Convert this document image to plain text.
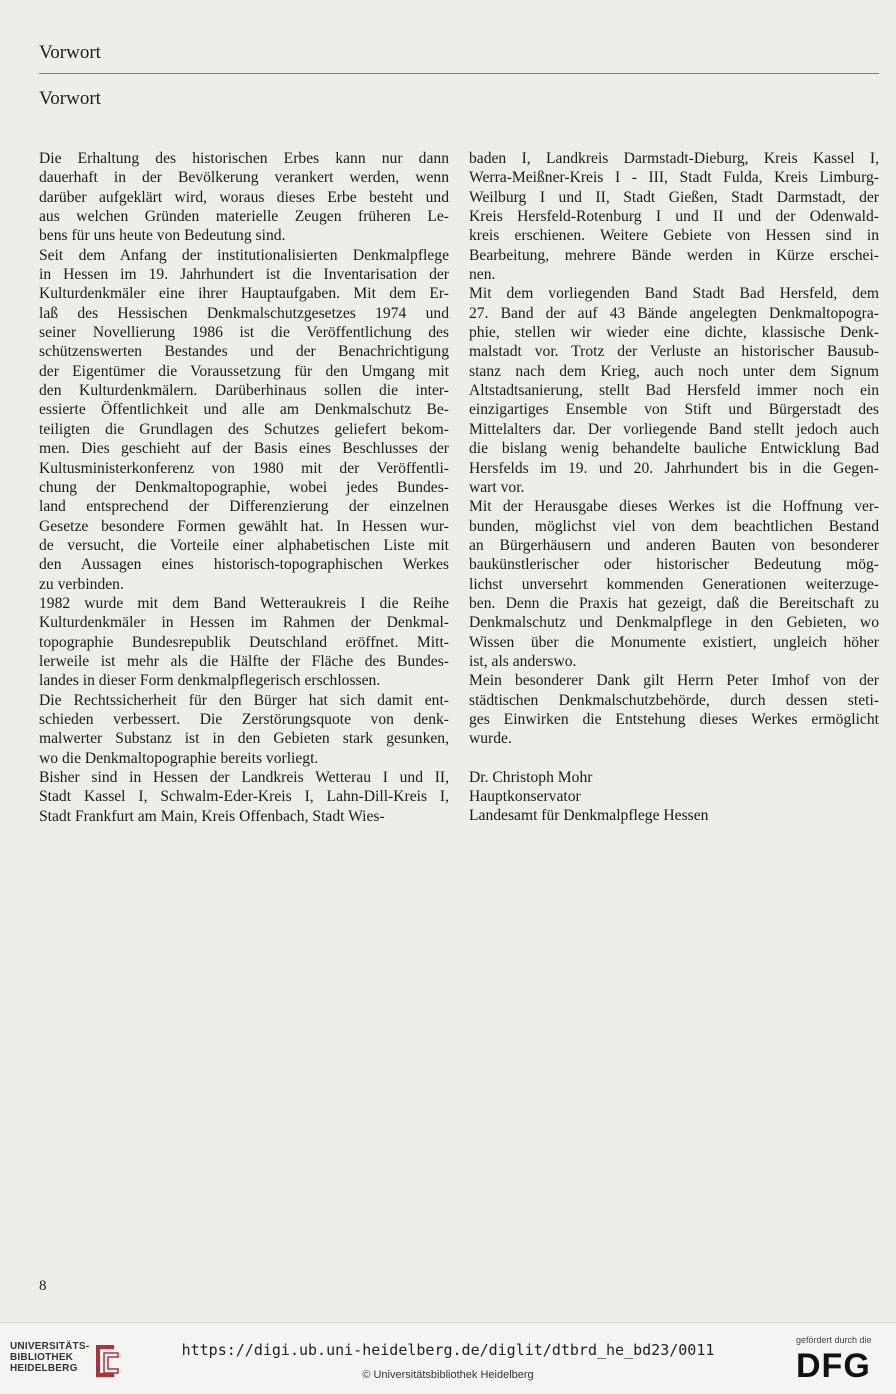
Vorwort
Vorwort
Die Erhaltung des historischen Erbes kann nur dann
dauerhaft in der Bevölkerung verankert werden, wenn
darüber aufgeklärt wird, woraus dieses Erbe besteht und
aus welchen Gründen materielle Zeugen früheren Le-
bens für uns heute von Bedeutung sind.
Seit dem Anfang der institutionalisierten Denkmalpflege
in Hessen im 19. Jahrhundert ist die Inventarisation der
Kulturdenkmäler eine ihrer Hauptaufgaben. Mit dem Er-
laß des Hessischen Denkmalschutzgesetzes 1974 und
seiner Novellierung 1986 ist die Veröffentlichung des
schützenswerten Bestandes und der Benachrichtigung
der Eigentümer die Voraussetzung für den Umgang mit
den Kulturdenkmälern. Darüberhinaus sollen die inter-
essierte Öffentlichkeit und alle am Denkmalschutz Be-
teiligten die Grundlagen des Schutzes geliefert bekom-
men. Dies geschieht auf der Basis eines Beschlusses der
Kultusministerkonferenz von 1980 mit der Veröffentli-
chung der Denkmaltopographie, wobei jedes Bundes-
land entsprechend der Differenzierung der einzelnen
Gesetze besondere Formen gewählt hat. In Hessen wur-
de versucht, die Vorteile einer alphabetischen Liste mit
den Aussagen eines historisch-topographischen Werkes
zu verbinden.
1982 wurde mit dem Band Wetteraukreis I die Reihe
Kulturdenkmäler in Hessen im Rahmen der Denkmal-
topographie Bundesrepublik Deutschland eröffnet. Mitt-
lerweile ist mehr als die Hälfte der Fläche des Bundes-
landes in dieser Form denkmalpflegerisch erschlossen.
Die Rechtssicherheit für den Bürger hat sich damit ent-
schieden verbessert. Die Zerstörungsquote von denk-
malwerter Substanz ist in den Gebieten stark gesunken,
wo die Denkmaltopographie bereits vorliegt.
Bisher sind in Hessen der Landkreis Wetterau I und II,
Stadt Kassel I, Schwalm-Eder-Kreis I, Lahn-Dill-Kreis I,
Stadt Frankfurt am Main, Kreis Offenbach, Stadt Wies-
baden I, Landkreis Darmstadt-Dieburg, Kreis Kassel I,
Werra-Meißner-Kreis I - III, Stadt Fulda, Kreis Limburg-
Weilburg I und II, Stadt Gießen, Stadt Darmstadt, der
Kreis Hersfeld-Rotenburg I und II und der Odenwald-
kreis erschienen. Weitere Gebiete von Hessen sind in
Bearbeitung, mehrere Bände werden in Kürze erschei-
nen.
Mit dem vorliegenden Band Stadt Bad Hersfeld, dem
27. Band der auf 43 Bände angelegten Denkmaltopogra-
phie, stellen wir wieder eine dichte, klassische Denk-
malstadt vor. Trotz der Verluste an historischer Bausub-
stanz nach dem Krieg, auch noch unter dem Signum
Altstadtsanierung, stellt Bad Hersfeld immer noch ein
einzigartiges Ensemble von Stift und Bürgerstadt des
Mittelalters dar. Der vorliegende Band stellt jedoch auch
die bislang wenig behandelte bauliche Entwicklung Bad
Hersfelds im 19. und 20. Jahrhundert bis in die Gegen-
wart vor.
Mit der Herausgabe dieses Werkes ist die Hoffnung ver-
bunden, möglichst viel von dem beachtlichen Bestand
an Bürgerhäusern und anderen Bauten von besonderer
baukünstlerischer oder historischer Bedeutung mög-
lichst unversehrt kommenden Generationen weiterzuge-
ben. Denn die Praxis hat gezeigt, daß die Bereitschaft zu
Denkmalschutz und Denkmalpflege in den Gebieten, wo
Wissen über die Monumente existiert, ungleich höher
ist, als anderswo.
Mein besonderer Dank gilt Herrn Peter Imhof von der
städtischen Denkmalschutzbehörde, durch dessen steti-
ges Einwirken die Entstehung dieses Werkes ermöglicht
wurde.
Dr. Christoph Mohr
Hauptkonservator
Landesamt für Denkmalpflege Hessen
8
UNIVERSITÄTS-
BIBLIOTHEK
HEIDELBERG
https://digi.ub.uni-heidelberg.de/diglit/dtbrd_he_bd23/0011
© Universitätsbibliothek Heidelberg
gefördert durch die
DFG
